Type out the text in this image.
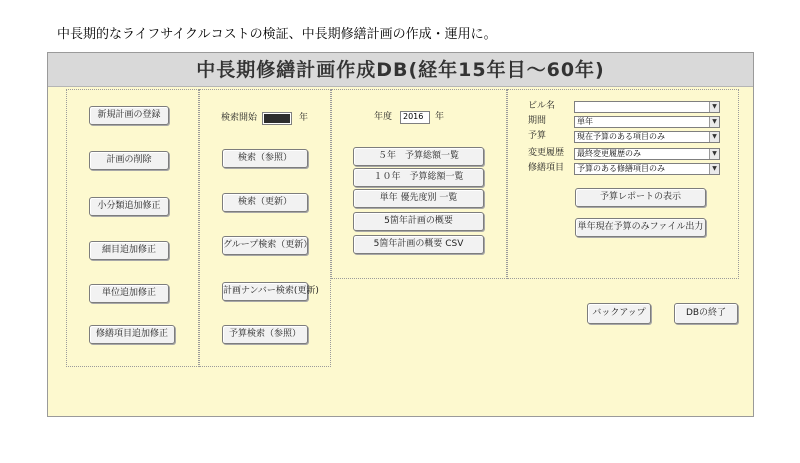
中長期的なライフサイクルコストの検証、中長期修繕計画の作成・運用に。
中長期修繕計画作成DB(経年15年目～60年)
新規計画の登録
計画の削除
小分類追加修正
細目追加修正
単位追加修正
修繕項目追加修正
検索開始	年
検索（参照）
検索（更新）
グループ検索（更新）
計画ナンバー検索(更新)
予算検索（参照）
年度	2016	年
５年　予算総額一覧
１０年　予算総額一覧
単年 優先度別 一覧
5箇年計画の概要
5箇年計画の概要 CSV
ビル名	▼
期間	単年	▼
予算	現在予算のある項目のみ	▼
変更履歴	最終変更履歴のみ	▼
修繕項目	予算のある修繕項目のみ	▼
予算レポートの表示
単年現在予算のみファイル出力
バックアップ	DBの終了
